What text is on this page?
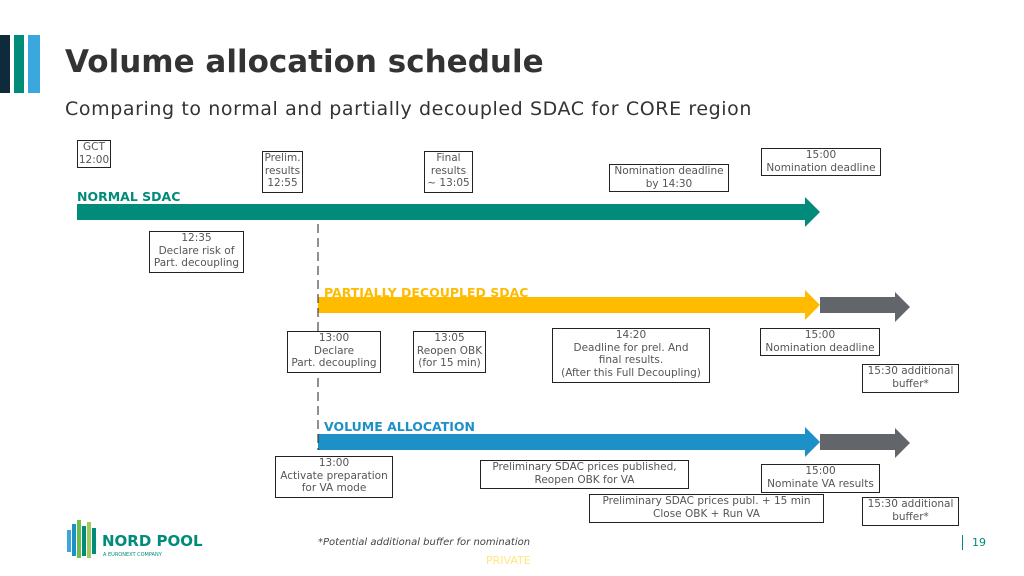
Volume allocation schedule
Comparing to normal and partially decoupled SDAC for CORE region
NORMAL SDAC
PARTIALLY DECOUPLED SDAC
VOLUME ALLOCATION
GCT
12:00	Prelim.
results
12:55
Final
results
~ 13:05
Nomination deadline
by 14:30
15:00
Nomination deadline
12:35
Declare risk of
Part. decoupling
13:00
Declare
Part. decoupling
13:05
Reopen OBK
(for 15 min)
14:20
Deadline for prel. And
final results.
(After this Full Decoupling)
15:00
Nomination deadline
15:30 additional
buffer*
13:00
Activate preparation
for VA mode
Preliminary SDAC prices published,
Reopen OBK for VA
15:00
Nominate VA results
Preliminary SDAC prices publ. + 15 min
Close OBK + Run VA
15:30 additional
buffer*
NORD POOL
A EURONEXT COMPANY
*Potential additional buffer for nomination	19
PRIVATE
